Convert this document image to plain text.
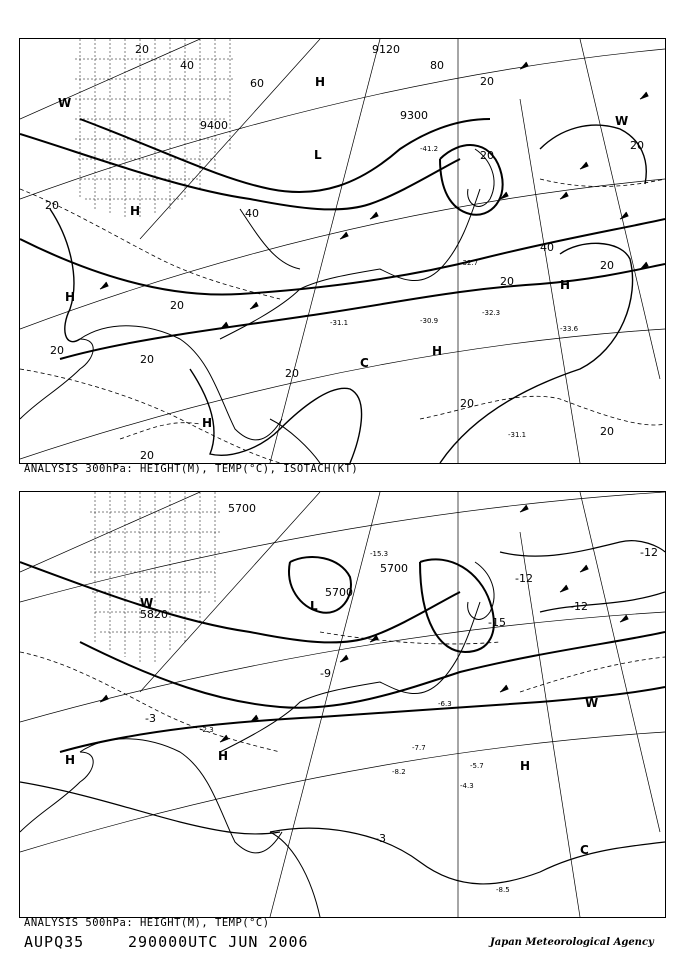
H
H
H
H
H
H
L
C
W
W
9120
9300
9400
20
40
60
80
20
20
40
20
20
20
20
20
20
20
20
40
20
20
20
-32.3
-31.1	-30.9
-33.6
-32.7
-31.1
-41.2
ANALYSIS 300hPa: HEIGHT(M), TEMP(°C), ISOTACH(KT)
H	H
H
W
W
C
L
5700
5700
5700
5820
-12
-12
-12
-15
-3
-3
-9
-8.5
-6.3
-7.7
-8.2
-4.3
-5.7
-2.3
-15.3
ANALYSIS 500hPa: HEIGHT(M), TEMP(°C)
AUPQ35	290000UTC JUN 2006	Japan Meteorological Agency
